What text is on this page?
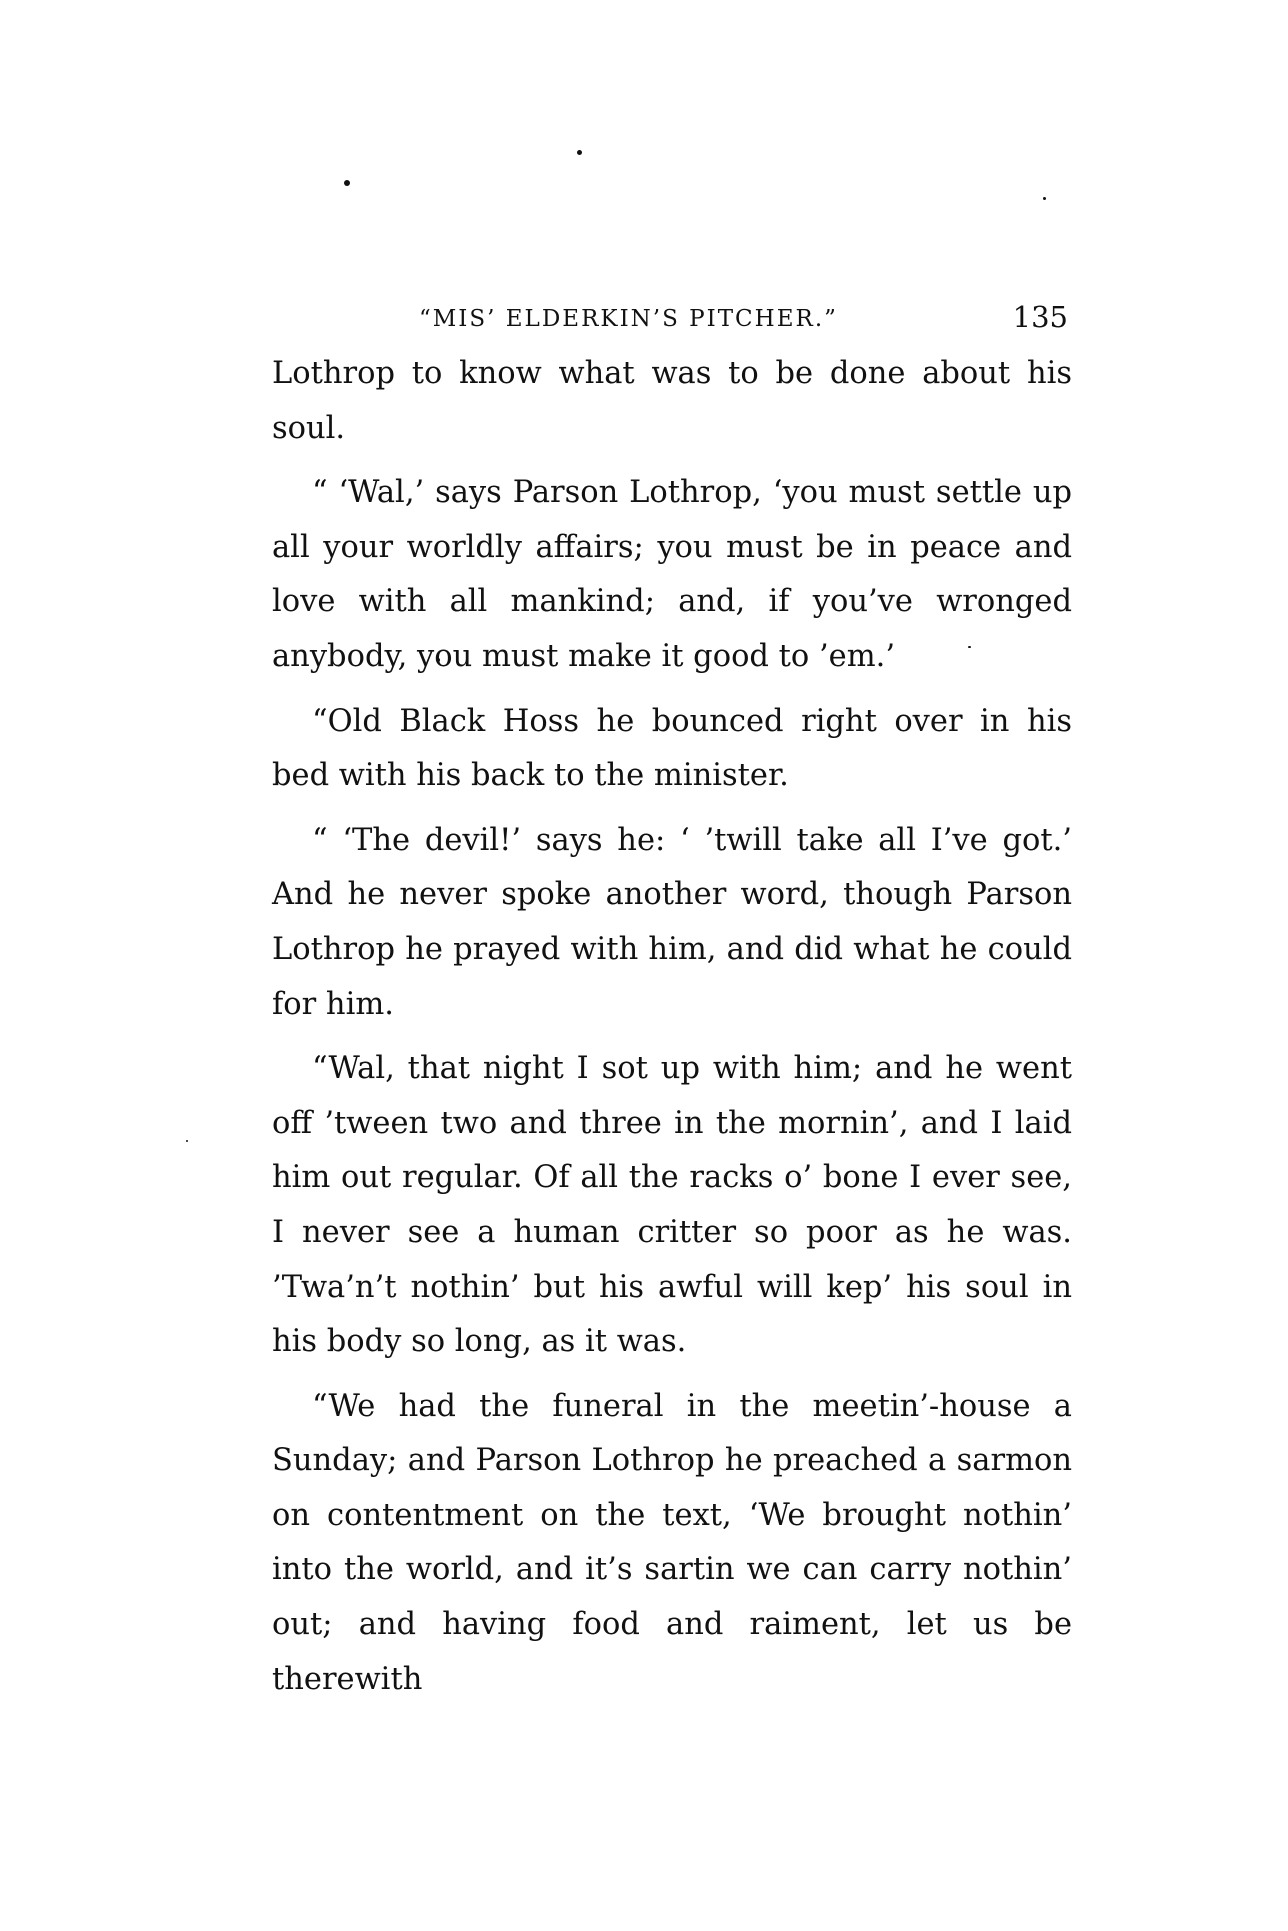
“MIS’ ELDERKIN’S PITCHER.”	135

Lothrop to know what was to be done about his soul.

“ ‘Wal,’ says Parson Lothrop, ‘you must settle up all your worldly affairs; you must be in peace and love with all mankind; and, if you’ve wronged anybody, you must make it good to ’em.’

“Old Black Hoss he bounced right over in his bed with his back to the minister.

“ ‘The devil!’ says he: ‘ ’twill take all I’ve got.’ And he never spoke another word, though Parson Lothrop he prayed with him, and did what he could for him.

“Wal, that night I sot up with him; and he went off ’tween two and three in the mornin’, and I laid him out regular. Of all the racks o’ bone I ever see, I never see a human critter so poor as he was. ’Twa’n’t nothin’ but his awful will kep’ his soul in his body so long, as it was.

“We had the funeral in the meetin’-house a Sunday; and Parson Lothrop he preached a sarmon on contentment on the text, ‘We brought nothin’ into the world, and it’s sartin we can carry nothin’ out; and having food and raiment, let us be therewith
